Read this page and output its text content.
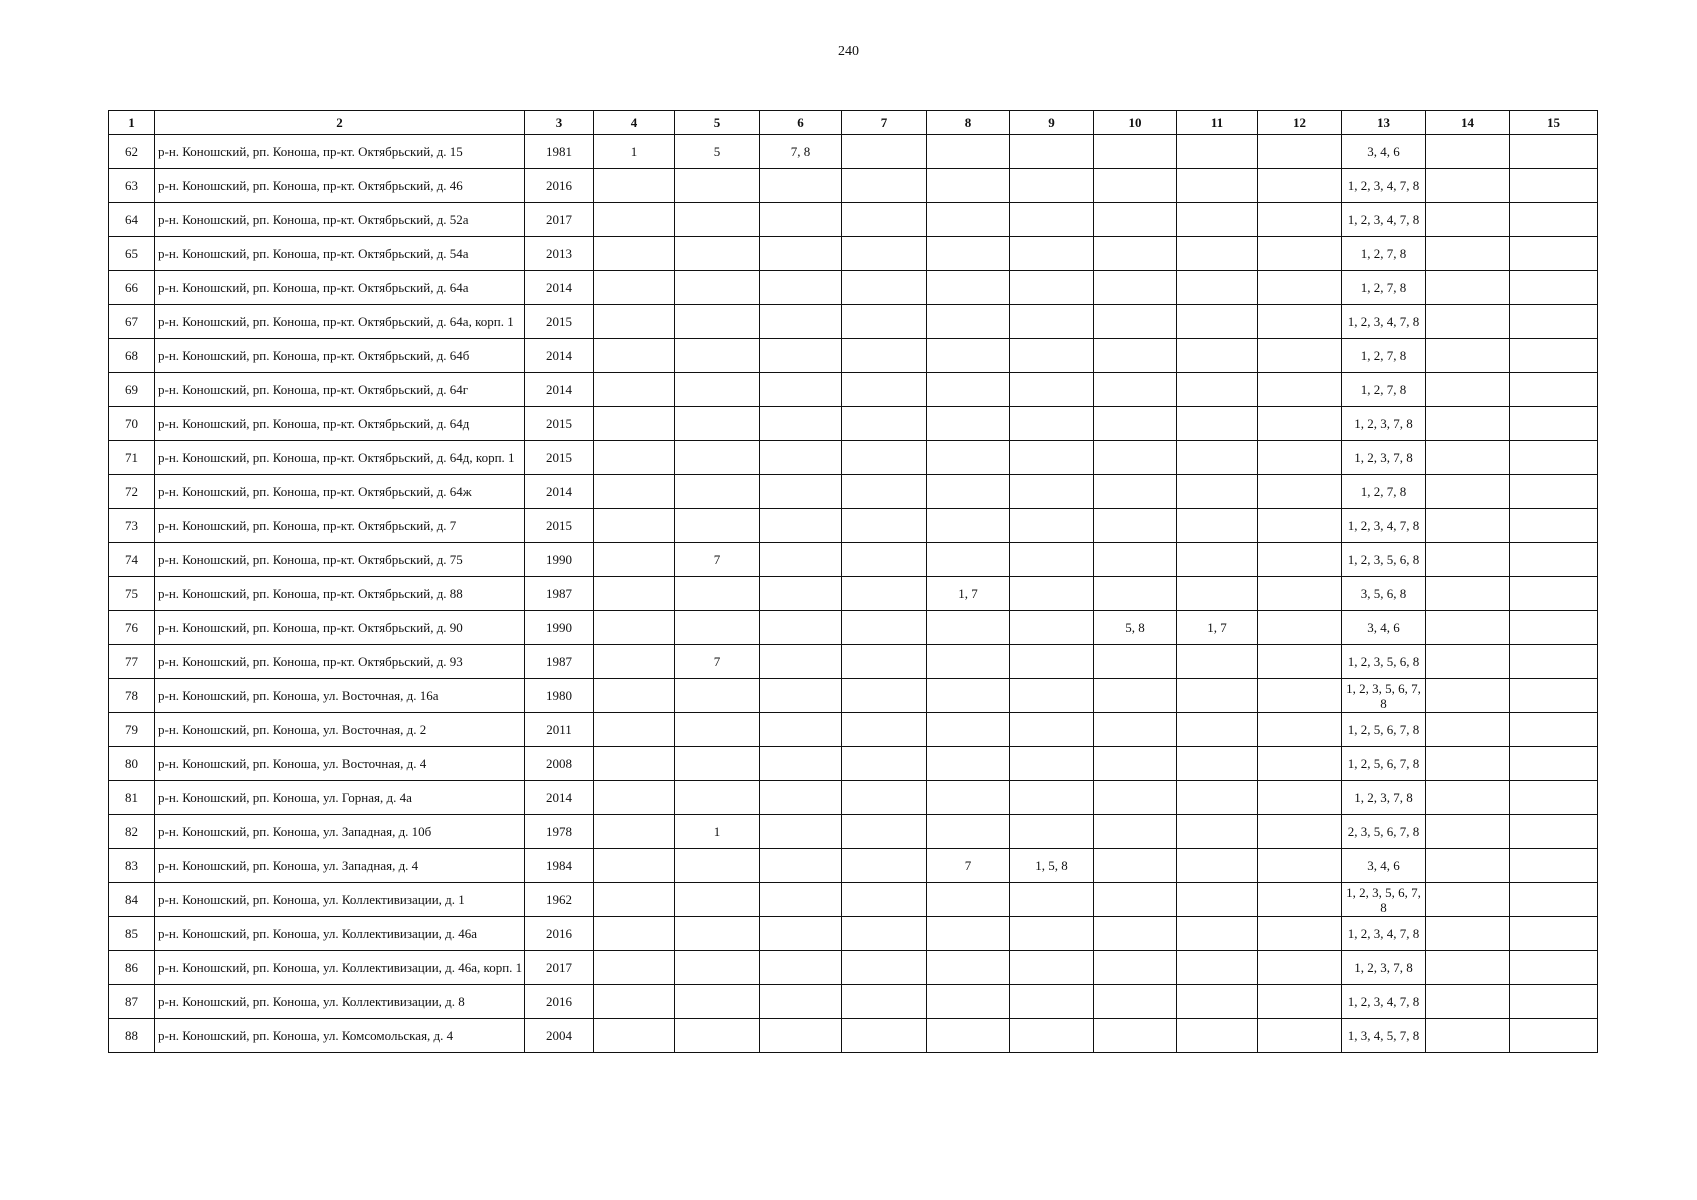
240
1	2	3	4	5	6	7	8	9	10	11	12	13	14	15
62	р-н. Коношский, рп. Коноша, пр-кт. Октябрьский, д. 15	1981	1	5	7, 8							3, 4, 6		
63	р-н. Коношский, рп. Коноша, пр-кт. Октябрьский, д. 46	2016										1, 2, 3, 4, 7, 8		
64	р-н. Коношский, рп. Коноша, пр-кт. Октябрьский, д. 52а	2017										1, 2, 3, 4, 7, 8		
65	р-н. Коношский, рп. Коноша, пр-кт. Октябрьский, д. 54а	2013										1, 2, 7, 8		
66	р-н. Коношский, рп. Коноша, пр-кт. Октябрьский, д. 64а	2014										1, 2, 7, 8		
67	р-н. Коношский, рп. Коноша, пр-кт. Октябрьский, д. 64а, корп. 1	2015										1, 2, 3, 4, 7, 8		
68	р-н. Коношский, рп. Коноша, пр-кт. Октябрьский, д. 64б	2014										1, 2, 7, 8		
69	р-н. Коношский, рп. Коноша, пр-кт. Октябрьский, д. 64г	2014										1, 2, 7, 8		
70	р-н. Коношский, рп. Коноша, пр-кт. Октябрьский, д. 64д	2015										1, 2, 3, 7, 8		
71	р-н. Коношский, рп. Коноша, пр-кт. Октябрьский, д. 64д, корп. 1	2015										1, 2, 3, 7, 8		
72	р-н. Коношский, рп. Коноша, пр-кт. Октябрьский, д. 64ж	2014										1, 2, 7, 8		
73	р-н. Коношский, рп. Коноша, пр-кт. Октябрьский, д. 7	2015										1, 2, 3, 4, 7, 8		
74	р-н. Коношский, рп. Коноша, пр-кт. Октябрьский, д. 75	1990		7								1, 2, 3, 5, 6, 8		
75	р-н. Коношский, рп. Коноша, пр-кт. Октябрьский, д. 88	1987					1, 7					3, 5, 6, 8		
76	р-н. Коношский, рп. Коноша, пр-кт. Октябрьский, д. 90	1990							5, 8	1, 7		3, 4, 6		
77	р-н. Коношский, рп. Коноша, пр-кт. Октябрьский, д. 93	1987		7								1, 2, 3, 5, 6, 8		
78	р-н. Коношский, рп. Коноша, ул. Восточная, д. 16а	1980										1, 2, 3, 5, 6, 7, 8		
79	р-н. Коношский, рп. Коноша, ул. Восточная, д. 2	2011										1, 2, 5, 6, 7, 8		
80	р-н. Коношский, рп. Коноша, ул. Восточная, д. 4	2008										1, 2, 5, 6, 7, 8		
81	р-н. Коношский, рп. Коноша, ул. Горная, д. 4а	2014										1, 2, 3, 7, 8		
82	р-н. Коношский, рп. Коноша, ул. Западная, д. 10б	1978		1								2, 3, 5, 6, 7, 8		
83	р-н. Коношский, рп. Коноша, ул. Западная, д. 4	1984					7	1, 5, 8				3, 4, 6		
84	р-н. Коношский, рп. Коноша, ул. Коллективизации, д. 1	1962										1, 2, 3, 5, 6, 7, 8		
85	р-н. Коношский, рп. Коноша, ул. Коллективизации, д. 46а	2016										1, 2, 3, 4, 7, 8		
86	р-н. Коношский, рп. Коноша, ул. Коллективизации, д. 46а, корп. 1	2017										1, 2, 3, 7, 8		
87	р-н. Коношский, рп. Коноша, ул. Коллективизации, д. 8	2016										1, 2, 3, 4, 7, 8		
88	р-н. Коношский, рп. Коноша, ул. Комсомольская, д. 4	2004										1, 3, 4, 5, 7, 8		
